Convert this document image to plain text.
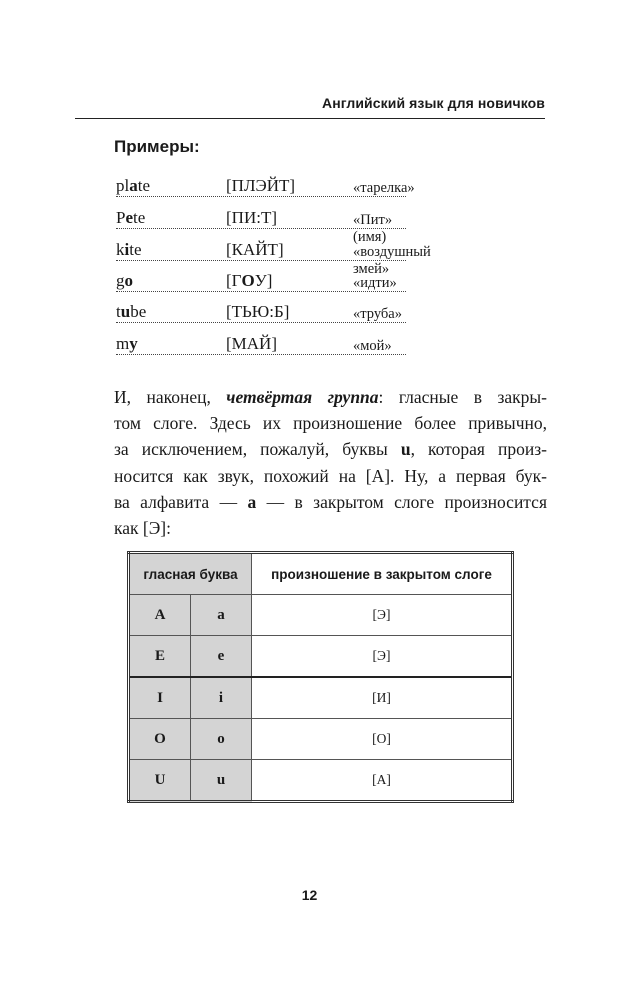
Английский язык для новичков
Примеры:
plate	[ПЛЭЙТ]	«тарелка»
Pete	[ПИ:Т]	«Пит» (имя)
kite	[КАЙТ]	«воздушный змей»
go	[ГОУ]	«идти»
tube	[ТЬЮ:Б]	«труба»
my	[МАЙ]	«мой»
И, наконец, четвёртая группа: гласные в закры-
том слоге. Здесь их произношение более привычно,
за исключением, пожалуй, буквы u, которая произ-
носится как звук, похожий на [А]. Ну, а первая бук-
ва алфавита — a — в закрытом слоге произносится
как [Э]:
гласная буква		произношение в закрытом слоге
A	a	[Э]
E	e	[Э]
I	i	[И]
O	o	[О]
U	u	[А]
12
